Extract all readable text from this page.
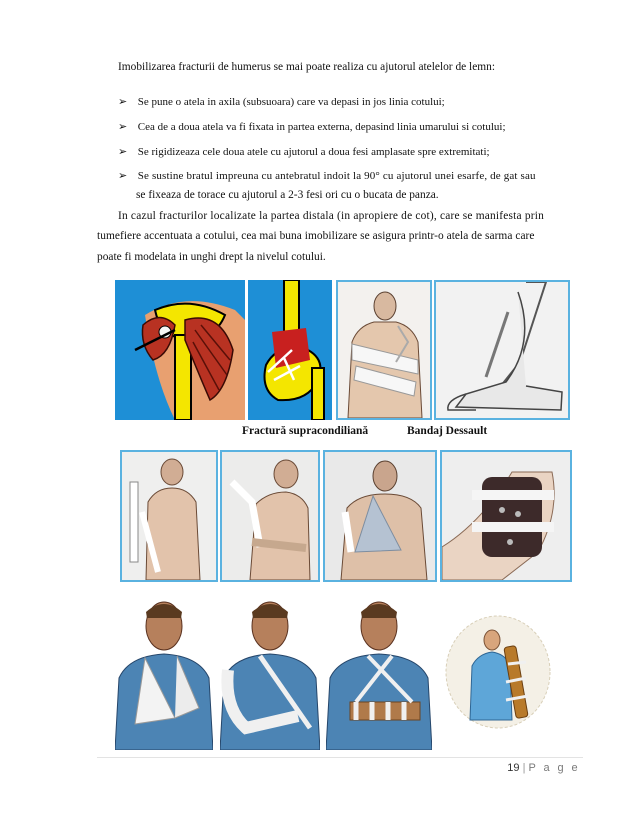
Imobilizarea fracturii de humerus se mai poate realiza cu ajutorul atelelor de lemn:
➢ Se pune o atela in axila (subsuoara) care va depasi in jos linia cotului;
➢ Cea de a doua atela va fi fixata in partea externa, depasind linia umarului si cotului;
➢ Se rigidizeaza cele doua atele cu ajutorul a doua fesi amplasate spre extremitati;
➢ Se sustine bratul impreuna cu antebratul indoit la 90° cu ajutorul unei esarfe, de gat sau
se fixeaza de torace cu ajutorul a 2-3 fesi ori cu o bucata de panza.
In cazul fracturilor localizate la partea distala (in apropiere de cot), care se manifesta prin
tumefiere accentuata a cotului, cea mai buna imobilizare se asigura printr-o atela de sarma care
poate fi modelata in unghi drept la nivelul cotului.
Fractură supracondiliană	Bandaj Dessault
19 | P a g e
